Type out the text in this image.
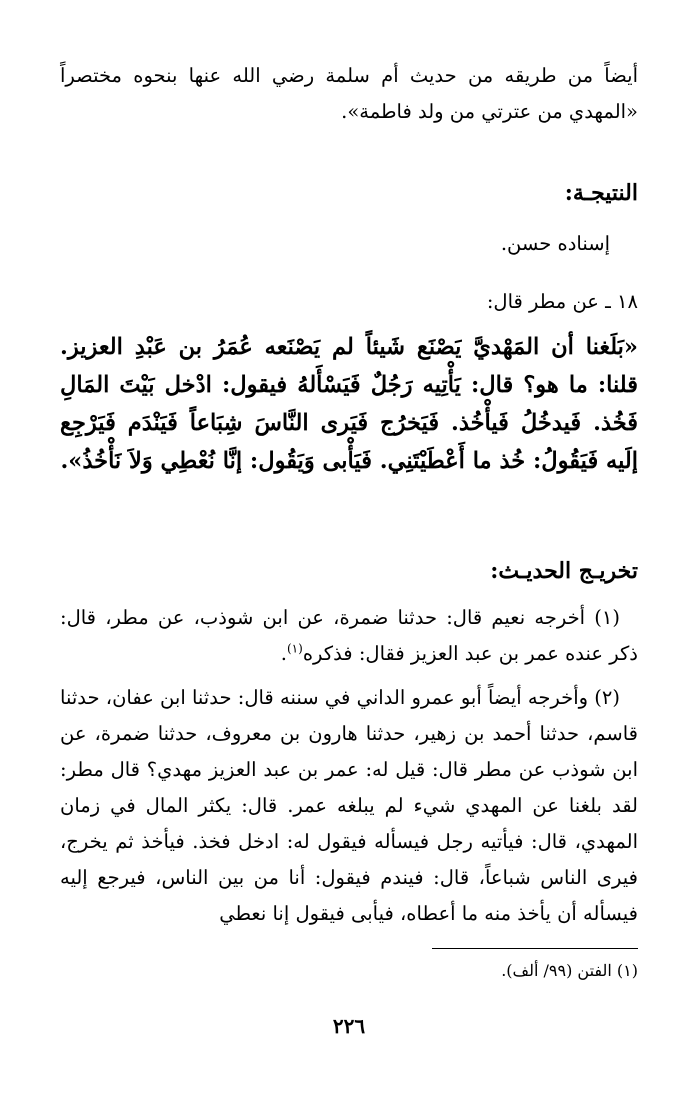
أيضاً من طريقه من حديث أم سلمة رضي الله عنها بنحوه مختصراً «المهدي من عترتي من ولد فاطمة».
النتيجـة:
إسناده حسن.
١٨ ـ عن مطر قال:
«بَلَغنا أن المَهْديَّ يَصْنَع شَيئاً لم يَصْنَعه عُمَرُ بن عَبْدِ العزيز. قلنا: ما هو؟ قال: يَأْتِيه رَجُلٌ فَيَسْأَلهُ فيقول: ادْخل بَيْتَ المَالِ فَخُذ. فَيدخُلُ فَيأْخُذ. فَيَخرُج فَيَرى النَّاسَ شِبَاعاً فَيَنْدَم فَيَرْجِع إلَيه فَيَقُولُ: خُذ ما أَعْطَيْتَنِي. فَيَأْبى وَيَقُول: إنَّا نُعْطِي وَلاَ نَأْخُذُ».
تخريـج الحديـث:
(١) أخرجه نعيم قال: حدثنا ضمرة، عن ابن شوذب، عن مطر، قال: ذكر عنده عمر بن عبد العزيز فقال: فذكره$^{(١)}$.
(٢) وأخرجه أيضاً أبو عمرو الداني في سننه قال: حدثنا ابن عفان، حدثنا قاسم، حدثنا أحمد بن زهير، حدثنا هارون بن معروف، حدثنا ضمرة، عن ابن شوذب عن مطر قال: قيل له: عمر بن عبد العزيز مهدي؟ قال مطر: لقد بلغنا عن المهدي شيء لم يبلغه عمر. قال: يكثر المال في زمان المهدي، قال: فيأتيه رجل فيسأله فيقول له: ادخل فخذ. فيأخذ ثم يخرج، فيرى الناس شباعاً، قال: فيندم فيقول: أنا من بين الناس، فيرجع إليه فيسأله أن يأخذ منه ما أعطاه، فيأبى فيقول إنا نعطي
(١) الفتن (٩٩/ ألف).
٢٢٦
